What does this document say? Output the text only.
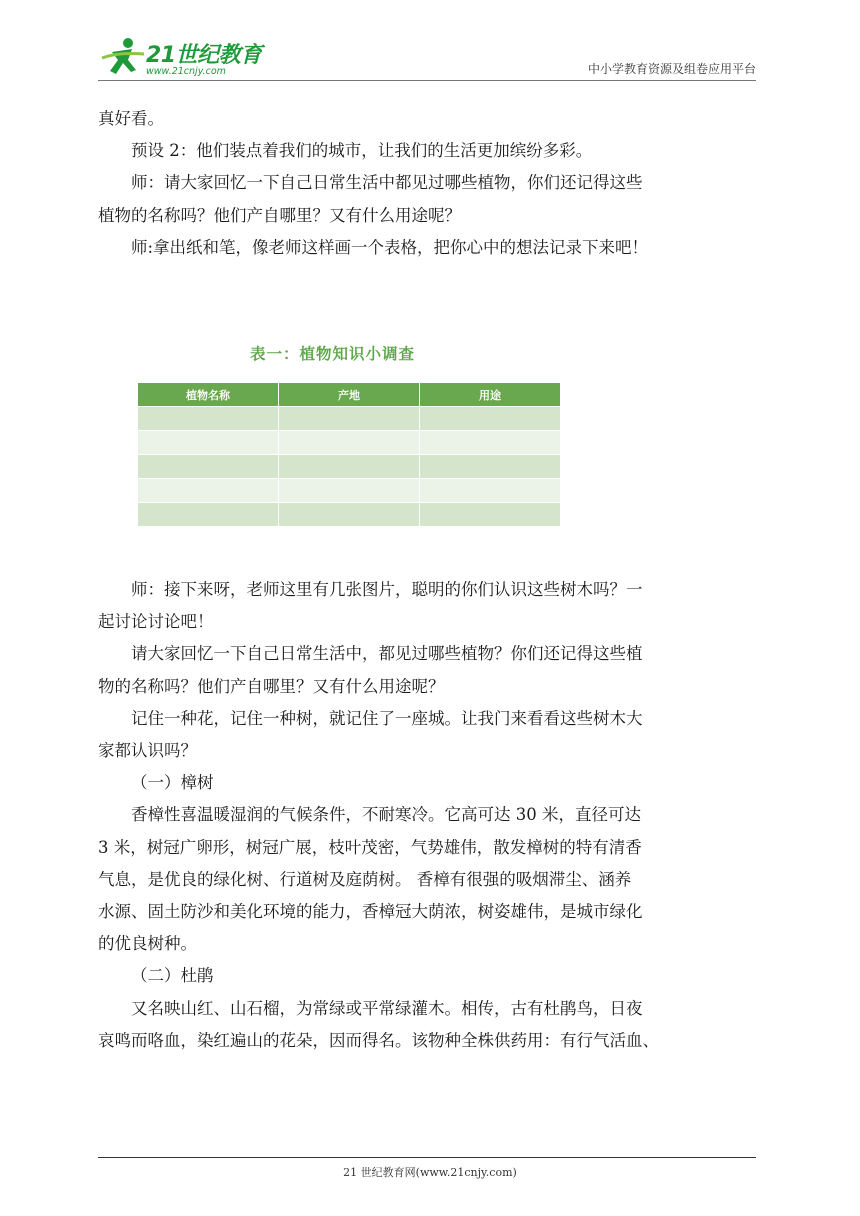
21世纪教育
www.21cnjy.com	中小学教育资源及组卷应用平台

真好看。

预设 2：他们装点着我们的城市，让我们的生活更加缤纷多彩。

师：请大家回忆一下自己日常生活中都见过哪些植物，你们还记得这些

植物的名称吗？他们产自哪里？又有什么用途呢？

师:拿出纸和笔，像老师这样画一个表格，把你心中的想法记录下来吧！

表一：植物知识小调查
植物名称	产地	用途

师：接下来呀，老师这里有几张图片，聪明的你们认识这些树木吗？一

起讨论讨论吧！

请大家回忆一下自己日常生活中，都见过哪些植物？你们还记得这些植

物的名称吗？他们产自哪里？又有什么用途呢？

记住一种花，记住一种树，就记住了一座城。让我门来看看这些树木大

家都认识吗？

（一）樟树

香樟性喜温暖湿润的气候条件，不耐寒冷。它高可达 30 米，直径可达

3 米，树冠广卵形，树冠广展，枝叶茂密，气势雄伟，散发樟树的特有清香

气息，是优良的绿化树、行道树及庭荫树。 香樟有很强的吸烟滞尘、涵养

水源、固土防沙和美化环境的能力，香樟冠大荫浓，树姿雄伟，是城市绿化

的优良树种。

（二）杜鹃

又名映山红、山石榴，为常绿或平常绿灌木。相传，古有杜鹃鸟，日夜

哀鸣而咯血，染红遍山的花朵，因而得名。该物种全株供药用：有行气活血、

21 世纪教育网(www.21cnjy.com)
